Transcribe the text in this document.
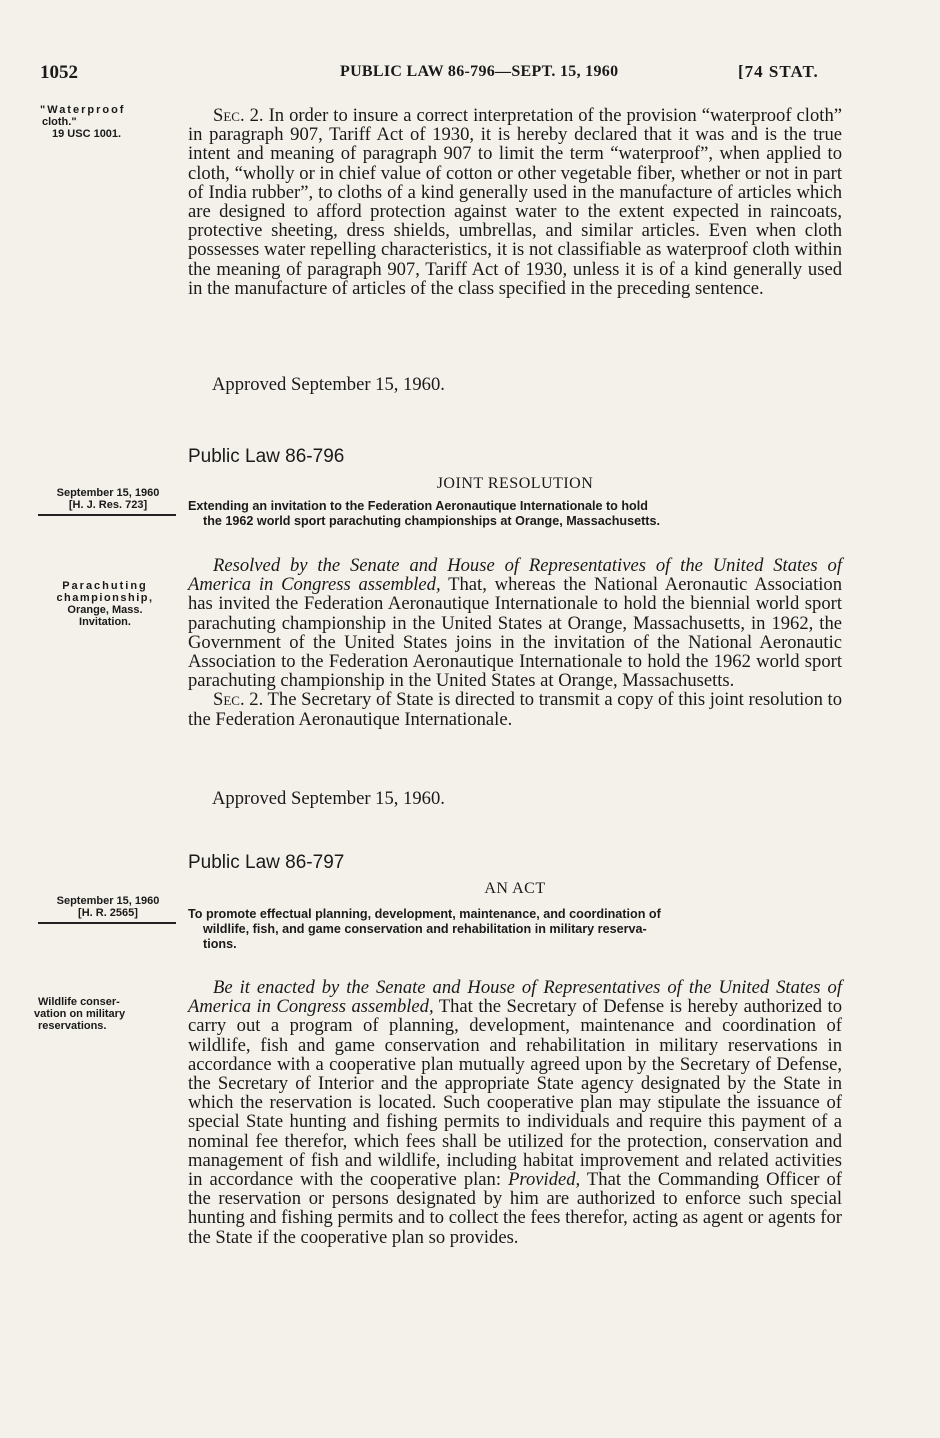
1052	PUBLIC LAW 86-796—SEPT. 15, 1960	[74 STAT.
"Waterproof
cloth."
19 USC 1001.

Sec. 2. In order to insure a correct interpretation of the provision “waterproof cloth” in paragraph 907, Tariff Act of 1930, it is hereby declared that it was and is the true intent and meaning of paragraph 907 to limit the term “waterproof”, when applied to cloth, “wholly or in chief value of cotton or other vegetable fiber, whether or not in part of India rubber”, to cloths of a kind generally used in the manufacture of articles which are designed to afford protection against water to the extent expected in raincoats, protective sheeting, dress shields, umbrellas, and similar articles. Even when cloth possesses water repelling characteristics, it is not classifiable as waterproof cloth within the meaning of paragraph 907, Tariff Act of 1930, unless it is of a kind generally used in the manufacture of articles of the class specified in the preceding sentence.

Approved September 15, 1960.
Public Law 86-796
JOINT RESOLUTION
September 15, 1960
[H. J. Res. 723]	Extending an invitation to the Federation Aeronautique Internationale to hold
the 1962 world sport parachuting championships at Orange, Massachusetts.
Parachuting
championship,
Orange, Mass.
Invitation.

Resolved by the Senate and House of Representatives of the United States of America in Congress assembled, That, whereas the National Aeronautic Association has invited the Federation Aeronautique Internationale to hold the biennial world sport parachuting championship in the United States at Orange, Massachusetts, in 1962, the Government of the United States joins in the invitation of the National Aeronautic Association to the Federation Aeronautique Internationale to hold the 1962 world sport parachuting championship in the United States at Orange, Massachusetts.

Sec. 2. The Secretary of State is directed to transmit a copy of this joint resolution to the Federation Aeronautique Internationale.

Approved September 15, 1960.
Public Law 86-797
AN ACT
September 15, 1960
[H. R. 2565]	To promote effectual planning, development, maintenance, and coordination of
wildlife, fish, and game conservation and rehabilitation in military reserva-
tions.
Wildlife conser-
vation on military
reservations.

Be it enacted by the Senate and House of Representatives of the United States of America in Congress assembled, That the Secretary of Defense is hereby authorized to carry out a program of planning, development, maintenance and coordination of wildlife, fish and game conservation and rehabilitation in military reservations in accordance with a cooperative plan mutually agreed upon by the Secretary of Defense, the Secretary of Interior and the appropriate State agency designated by the State in which the reservation is located. Such cooperative plan may stipulate the issuance of special State hunting and fishing permits to individuals and require this payment of a nominal fee therefor, which fees shall be utilized for the protection, conservation and management of fish and wildlife, including habitat improvement and related activities in accordance with the cooperative plan: Provided, That the Commanding Officer of the reservation or persons designated by him are authorized to enforce such special hunting and fishing permits and to collect the fees therefor, acting as agent or agents for the State if the cooperative plan so provides.
